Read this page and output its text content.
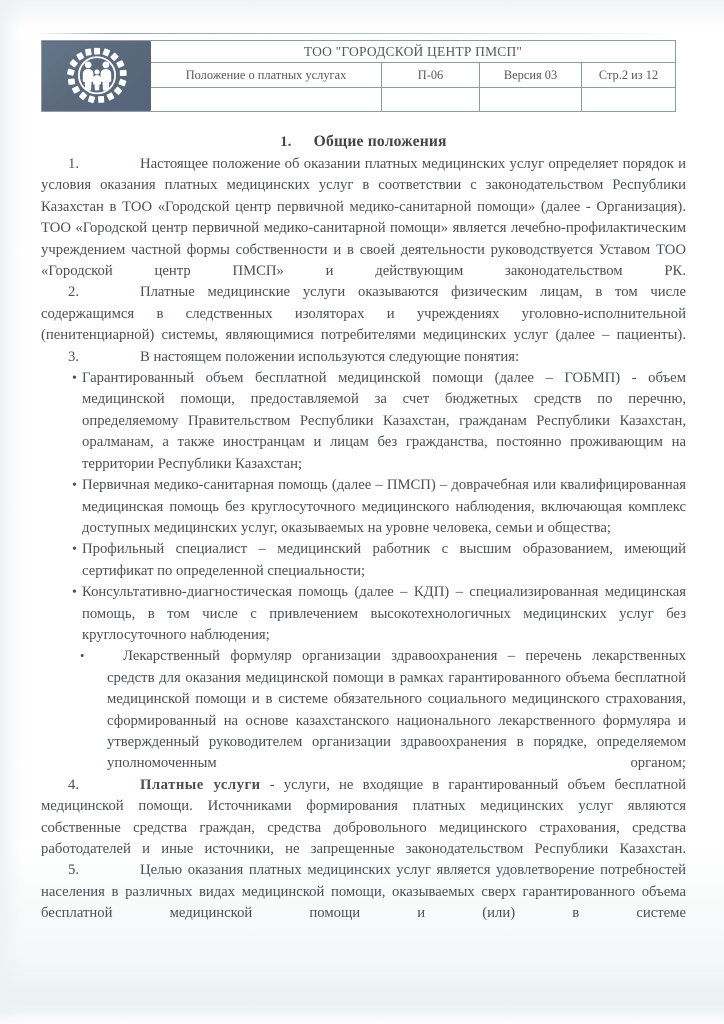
	ТОО "ГОРОДСКОЙ ЦЕНТР ПМСП"			
	Положение о платных услугах	П-06	Версия 03	Стр.2 из 12

1. Общие положения

1.	Настоящее положение об оказании платных медицинских услуг определяет порядок и условия оказания платных медицинских услуг в соответствии с законодательством Республики Казахстан в ТОО «Городской центр первичной медико-санитарной помощи» (далее - Организация). ТОО «Городской центр первичной медико-санитарной помощи» является лечебно-профилактическим учреждением частной формы собственности и в своей деятельности руководствуется Уставом ТОО «Городской центр ПМСП» и действующим законодательством РК.

2.	Платные медицинские услуги оказываются физическим лицам, в том числе содержащимся в следственных изоляторах и учреждениях уголовно-исполнительной (пенитенциарной) системы, являющимися потребителями медицинских услуг (далее – пациенты).

3.	В настоящем положении используются следующие понятия:

• Гарантированный объем бесплатной медицинской помощи (далее – ГОБМП) - объем медицинской помощи, предоставляемой за счет бюджетных средств по перечню, определяемому Правительством Республики Казахстан, гражданам Республики Казахстан, оралманам, а также иностранцам и лицам без гражданства, постоянно проживающим на территории Республики Казахстан;
• Первичная медико-санитарная помощь (далее – ПМСП) – доврачебная или квалифицированная медицинская помощь без круглосуточного медицинского наблюдения, включающая комплекс доступных медицинских услуг, оказываемых на уровне человека, семьи и общества;
• Профильный специалист – медицинский работник с высшим образованием, имеющий сертификат по определенной специальности;
• Консультативно-диагностическая помощь (далее – КДП) – специализированная медицинская помощь, в том числе с привлечением высокотехнологичных медицинских услуг без круглосуточного наблюдения;
• Лекарственный формуляр организации здравоохранения – перечень лекарственных средств для оказания медицинской помощи в рамках гарантированного объема бесплатной медицинской помощи и в системе обязательного социального медицинского страхования, сформированный на основе казахстанского национального лекарственного формуляра и утвержденный руководителем организации здравоохранения в порядке, определяемом уполномоченным органом;

4.	Платные услуги - услуги, не входящие в гарантированный объем бесплатной медицинской помощи. Источниками формирования платных медицинских услуг являются собственные средства граждан, средства добровольного медицинского страхования, средства работодателей и иные источники, не запрещенные законодательством Республики Казахстан.

5.	Целью оказания платных медицинских услуг является удовлетворение потребностей населения в различных видах медицинской помощи, оказываемых сверх гарантированного объема бесплатной медицинской помощи и (или) в системе
